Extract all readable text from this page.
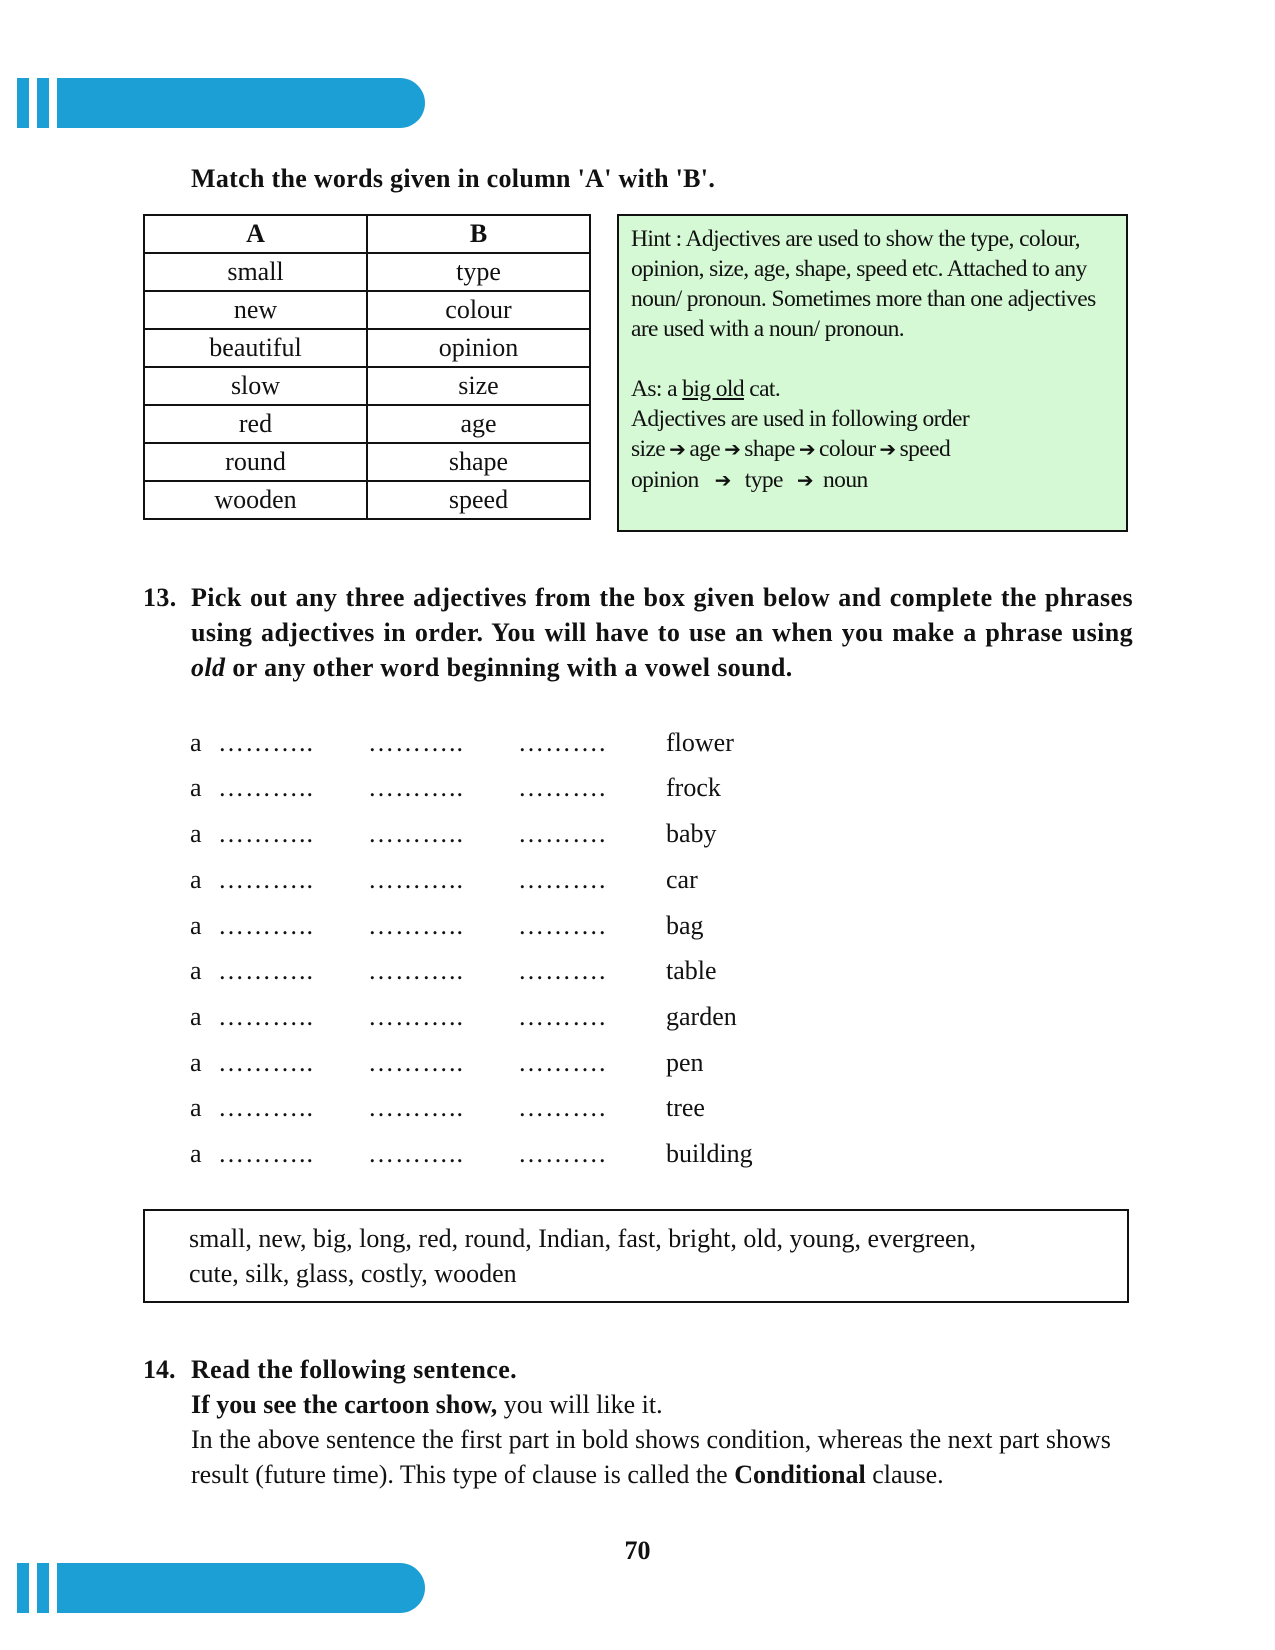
Match the words given in column 'A' with 'B'.
A	B
small	type
new	colour
beautiful	opinion
slow	size
red	age
round	shape
wooden	speed

Hint : Adjectives are used to show the type, colour, opinion, size, age, shape, speed etc. Attached to any noun/ pronoun. Sometimes more than one adjectives are used with a noun/ pronoun.

As: a big old cat.

Adjectives are used in following order

size ➔ age ➔ shape ➔ colour ➔ speed

opinion ➔ type ➔ noun

13. Pick out any three adjectives from the box given below and complete the phrases using adjectives in order. You will have to use an when you make a phrase using old or any other word beginning with a vowel sound.
a ……….. ……….. ………. flower
a ……….. ……….. ………. frock
a ……….. ……….. ………. baby
a ……….. ……….. ………. car
a ……….. ……….. ………. bag
a ……….. ……….. ………. table
a ……….. ……….. ………. garden
a ……….. ……….. ………. pen
a ……….. ……….. ………. tree
a ……….. ……….. ………. building
small, new, big, long, red, round, Indian, fast, bright, old, young, evergreen,
cute, silk, glass, costly, wooden
14. Read the following sentence.
If you see the cartoon show, you will like it.
In the above sentence the first part in bold shows condition, whereas the next part shows result (future time). This type of clause is called the Conditional clause.
70
